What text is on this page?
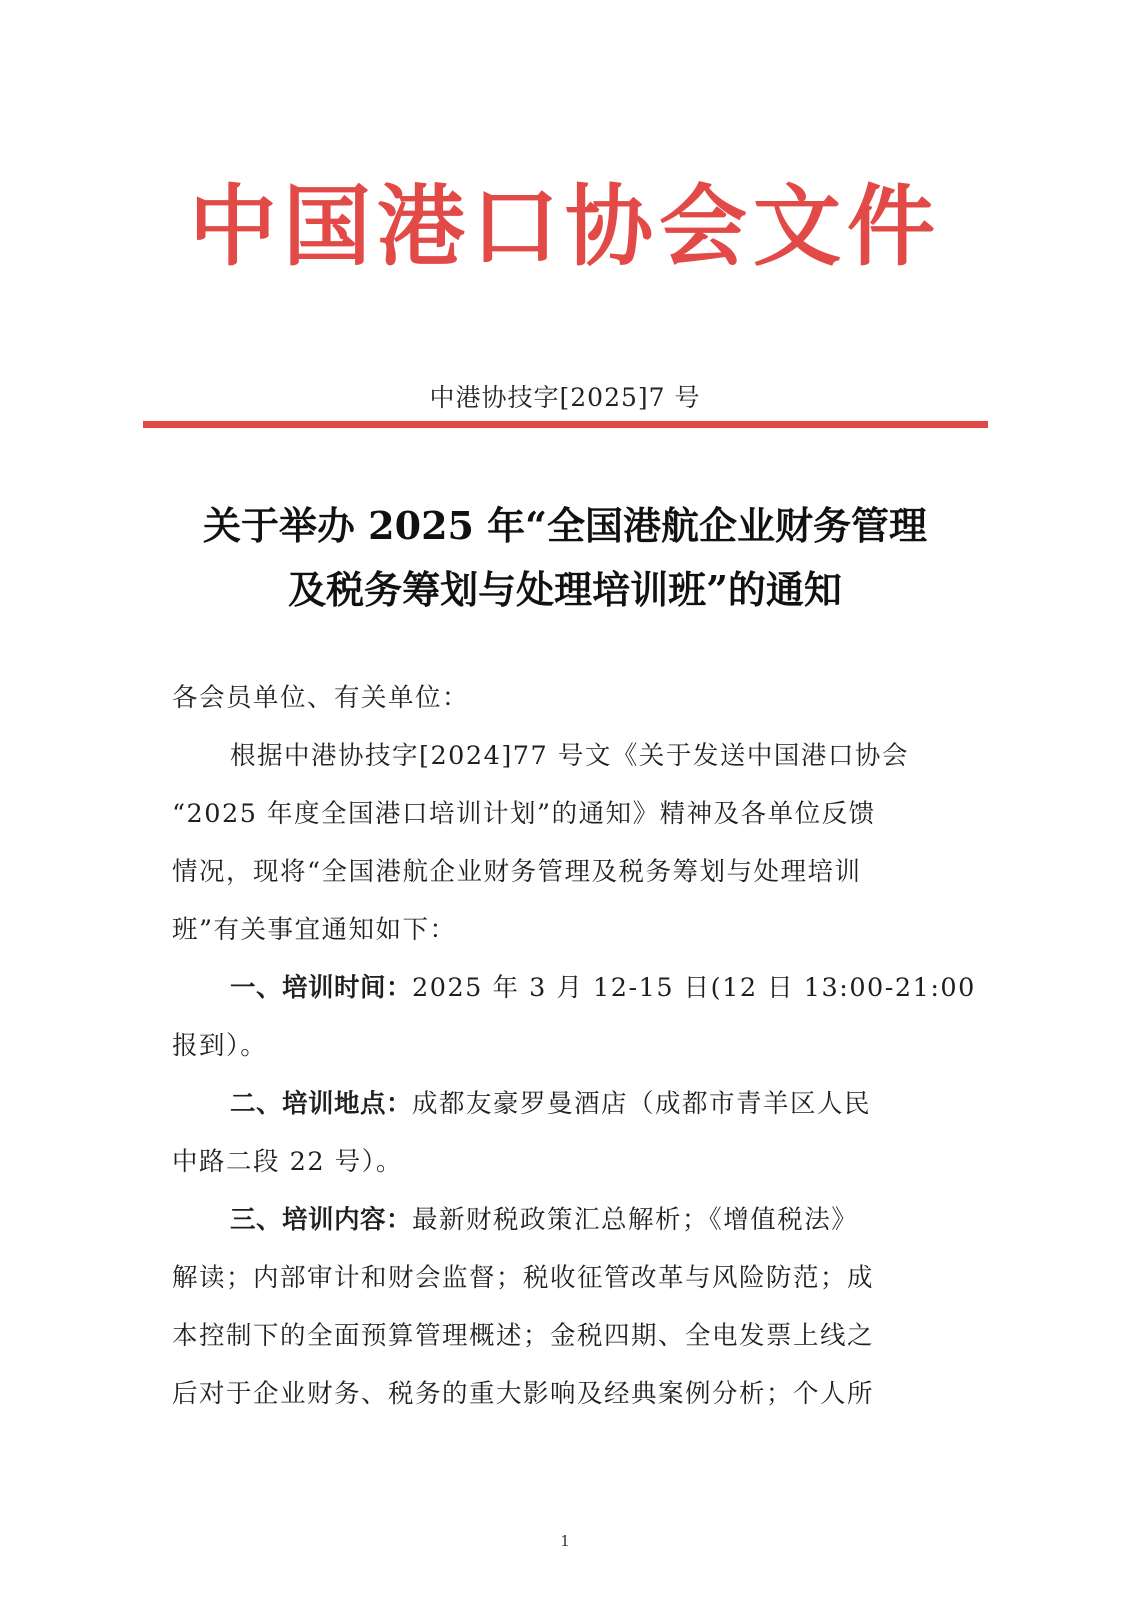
中国港口协会文件
中港协技字[2025]7 号
关于举办 2025 年“全国港航企业财务管理
及税务筹划与处理培训班”的通知
各会员单位、有关单位：
根据中港协技字[2024]77 号文《关于发送中国港口协会
“2025 年度全国港口培训计划”的通知》精神及各单位反馈
情况，现将“全国港航企业财务管理及税务筹划与处理培训
班”有关事宜通知如下：
一、培训时间：2025 年 3 月 12-15 日(12 日 13:00-21:00
报到）。
二、培训地点：成都友豪罗曼酒店（成都市青羊区人民
中路二段 22 号）。
三、培训内容：最新财税政策汇总解析；《增值税法》
解读；内部审计和财会监督；税收征管改革与风险防范；成
本控制下的全面预算管理概述；金税四期、全电发票上线之
后对于企业财务、税务的重大影响及经典案例分析；个人所
1
